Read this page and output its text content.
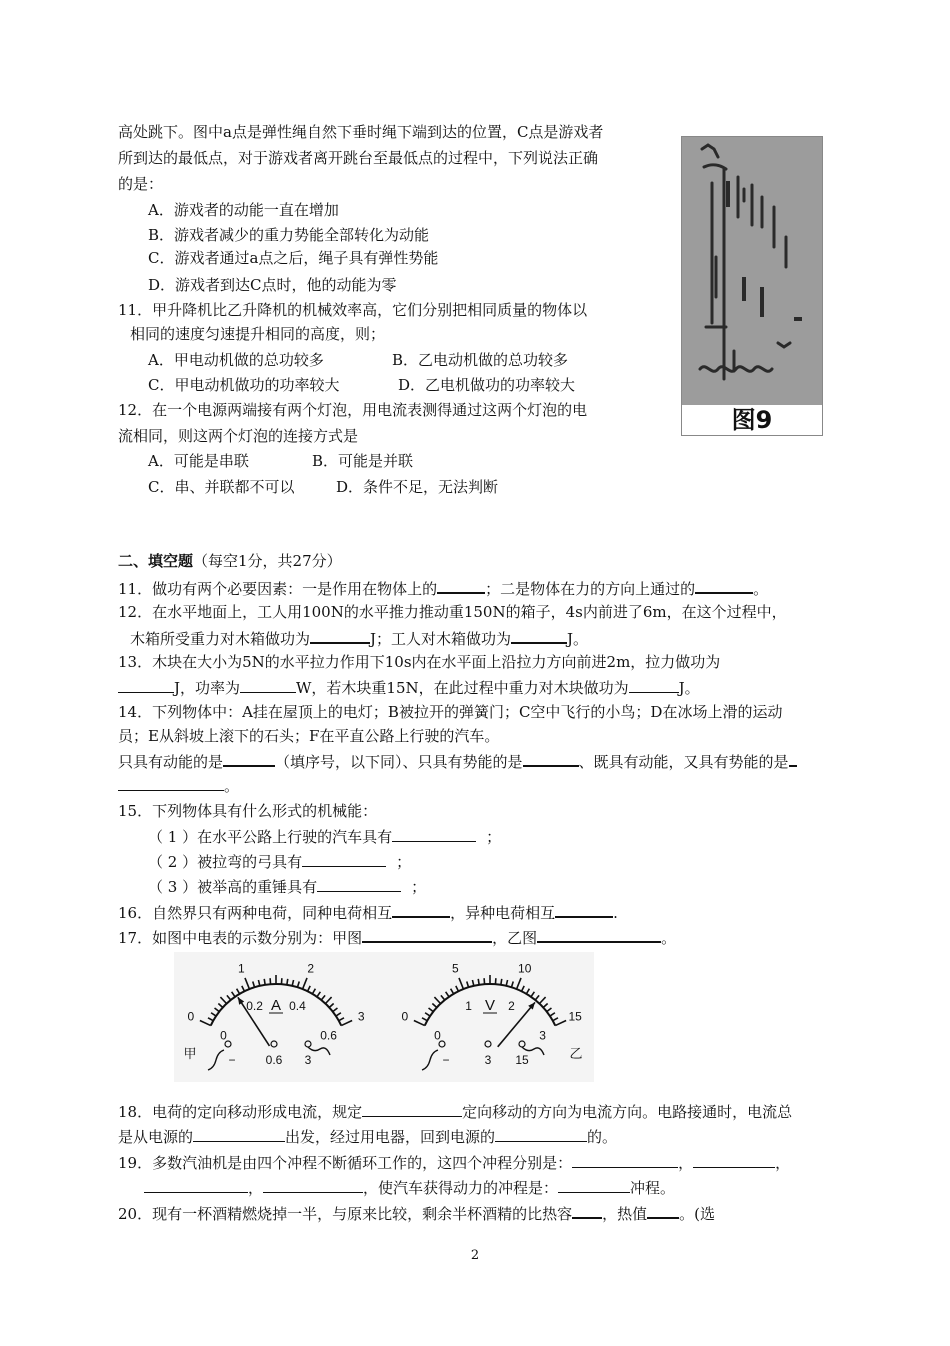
高处跳下。图中a点是弹性绳自然下垂时绳下端到达的位置，C点是游戏者
所到达的最低点，对于游戏者离开跳台至最低点的过程中，下列说法正确
的是：
A．游戏者的动能一直在增加
B．游戏者减少的重力势能全部转化为动能
C．游戏者通过a点之后，绳子具有弹性势能
D．游戏者到达C点时，他的动能为零
11．甲升降机比乙升降机的机械效率高，它们分别把相同质量的物体以
相同的速度匀速提升相同的高度，则；
A．甲电动机做的总功较多	B．乙电动机做的总功较多
C．甲电动机做功的功率较大	D．乙电机做功的功率较大
12．在一个电源两端接有两个灯泡，用电流表测得通过这两个灯泡的电
流相同，则这两个灯泡的连接方式是
A．可能是串联	B．可能是并联
C．串、并联都不可以	D．条件不足，无法判断
图9
二、填空题（每空1分，共27分）
11．做功有两个必要因素：一是作用在物体上的	；二是物体在力的方向上通过的	。
12．在水平地面上，工人用100N的水平推力推动重150N的箱子，4s内前进了6m，在这个过程中，
木箱所受重力对木箱做功为	J；工人对木箱做功为	J。
13．木块在大小为5N的水平拉力作用下10s内在水平面上沿拉力方向前进2m，拉力做功为
J，功率为	W，若木块重15N，在此过程中重力对木块做功为	J。
14．下列物体中：A挂在屋顶上的电灯；B被拉开的弹簧门；C空中飞行的小鸟；D在冰场上滑的运动
员；E从斜坡上滚下的石头；F在平直公路上行驶的汽车。
只具有动能的是	（填序号，以下同）、只具有势能的是	、既具有动能，又具有势能的是
。
15．下列物体具有什么形式的机械能：
（ 1 ）在水平公路上行驶的汽车具有	；
（ 2 ）被拉弯的弓具有	；
（ 3 ）被举高的重锤具有	；
16．自然界只有两种电荷，同种电荷相互	，异种电荷相互	.
17．如图中电表的示数分别为：甲图	，乙图	。
0
1	2
3
0
0.2 0.4
0.6
A
甲	−	0.6 3
0
5	10
15
0
1	2
3
V
乙
−	3 15
18．电荷的定向移动形成电流，规定	定向移动的方向为电流方向。电路接通时，电流总
是从电源的	出发，经过用电器，回到电源的	的。
19．多数汽油机是由四个冲程不断循环工作的，这四个冲程分别是：	，	，
，	，使汽车获得动力的冲程是：	冲程。
20．现有一杯酒精燃烧掉一半，与原来比较，剩余半杯酒精的比热容 ，热值 。(选
2
